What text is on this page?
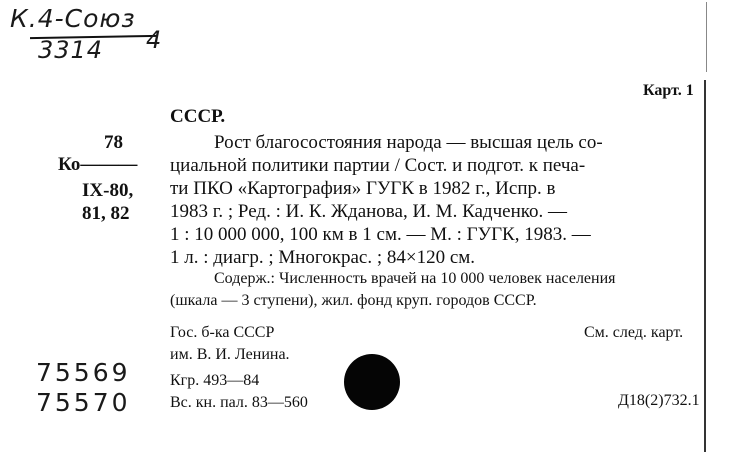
К.4-Союз
3314 4
Карт. 1
СССР.
78
Ко———
IX-80,
81, 82
Рост благосостояния народа — высшая цель со-
циальной политики партии / Сост. и подгот. к печа-
ти ПКО «Картография» ГУГК в 1982 г., Испр. в
1983 г. ; Ред. : И. К. Жданова, И. М. Кадченко. —
1 : 10 000 000, 100 км в 1 см. — М. : ГУГК, 1983. —
1 л. : диагр. ; Многокрас. ; 84×120 см.
Содерж.: Численность врачей на 10 000 человек населения
(шкала — 3 ступени), жил. фонд круп. городов СССР.
Гос. б-ка СССР
им. В. И. Ленина.
Кгр. 493—84
Вс. кн. пал. 83—560
См. след. карт.
Д18(2)732.1
75569
75570
